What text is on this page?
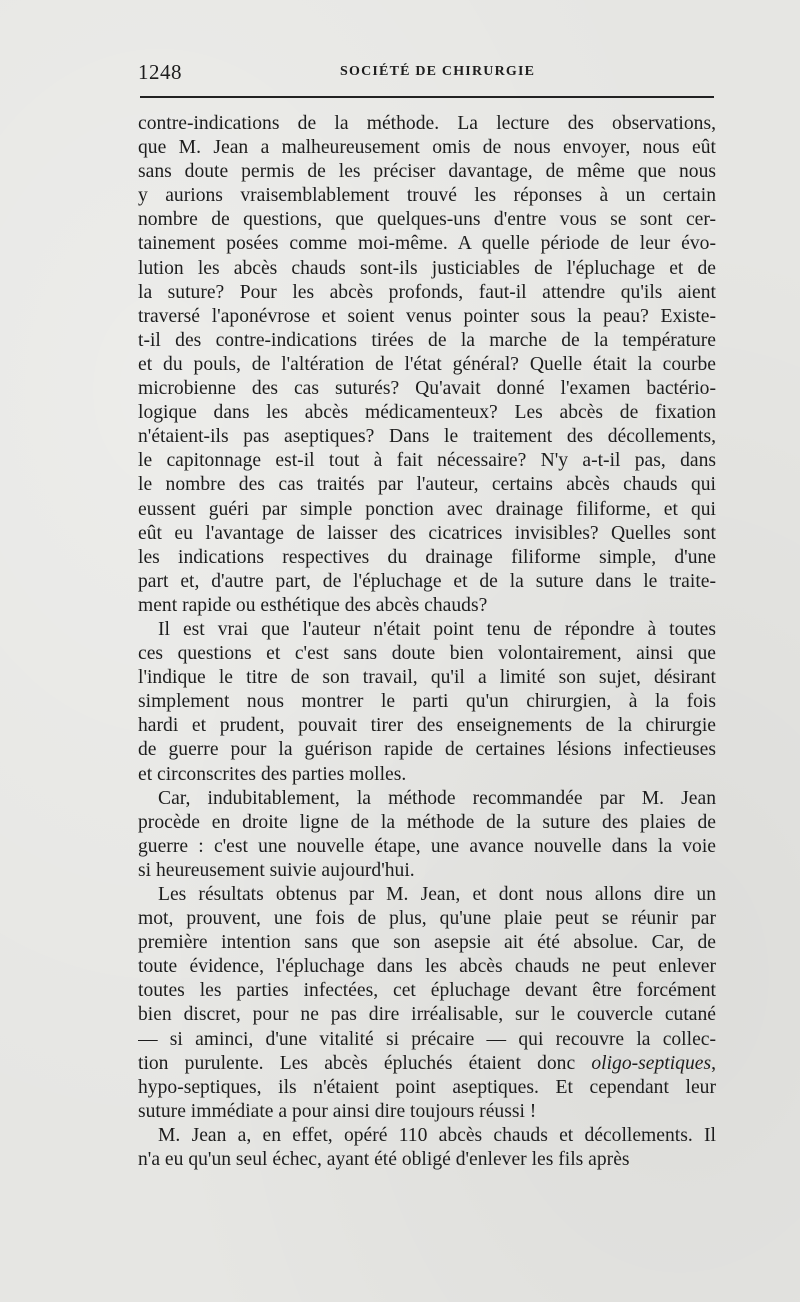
1248	SOCIÉTÉ DE CHIRURGIE
contre-indications de la méthode. La lecture des observations,
que M. Jean a malheureusement omis de nous envoyer, nous eût
sans doute permis de les préciser davantage, de même que nous
y aurions vraisemblablement trouvé les réponses à un certain
nombre de questions, que quelques-uns d'entre vous se sont cer-
tainement posées comme moi-même. A quelle période de leur évo-
lution les abcès chauds sont-ils justiciables de l'épluchage et de
la suture? Pour les abcès profonds, faut-il attendre qu'ils aient
traversé l'aponévrose et soient venus pointer sous la peau? Existe-
t-il des contre-indications tirées de la marche de la température
et du pouls, de l'altération de l'état général? Quelle était la courbe
microbienne des cas suturés? Qu'avait donné l'examen bactério-
logique dans les abcès médicamenteux? Les abcès de fixation
n'étaient-ils pas aseptiques? Dans le traitement des décollements,
le capitonnage est-il tout à fait nécessaire? N'y a-t-il pas, dans
le nombre des cas traités par l'auteur, certains abcès chauds qui
eussent guéri par simple ponction avec drainage filiforme, et qui
eût eu l'avantage de laisser des cicatrices invisibles? Quelles sont
les indications respectives du drainage filiforme simple, d'une
part et, d'autre part, de l'épluchage et de la suture dans le traite-
ment rapide ou esthétique des abcès chauds?
Il est vrai que l'auteur n'était point tenu de répondre à toutes
ces questions et c'est sans doute bien volontairement, ainsi que
l'indique le titre de son travail, qu'il a limité son sujet, désirant
simplement nous montrer le parti qu'un chirurgien, à la fois
hardi et prudent, pouvait tirer des enseignements de la chirurgie
de guerre pour la guérison rapide de certaines lésions infectieuses
et circonscrites des parties molles.
Car, indubitablement, la méthode recommandée par M. Jean
procède en droite ligne de la méthode de la suture des plaies de
guerre : c'est une nouvelle étape, une avance nouvelle dans la voie
si heureusement suivie aujourd'hui.
Les résultats obtenus par M. Jean, et dont nous allons dire un
mot, prouvent, une fois de plus, qu'une plaie peut se réunir par
première intention sans que son asepsie ait été absolue. Car, de
toute évidence, l'épluchage dans les abcès chauds ne peut enlever
toutes les parties infectées, cet épluchage devant être forcément
bien discret, pour ne pas dire irréalisable, sur le couvercle cutané
— si aminci, d'une vitalité si précaire — qui recouvre la collec-
tion purulente. Les abcès épluchés étaient donc oligo-septiques,
hypo-septiques, ils n'étaient point aseptiques. Et cependant leur
suture immédiate a pour ainsi dire toujours réussi !
M. Jean a, en effet, opéré 110 abcès chauds et décollements. Il
n'a eu qu'un seul échec, ayant été obligé d'enlever les fils après
